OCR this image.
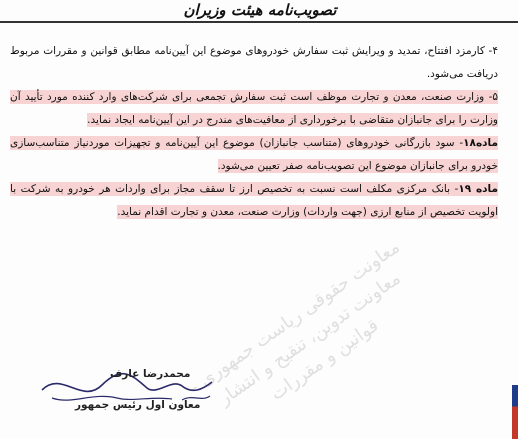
تصویب‌نامه هیئت وزیران

۴- کارمزد افتتاح، تمدید و ویرایش ثبت سفارش خودروهای موضوع این آیین‌نامه مطابق قوانین و مقررات مربوط دریافت می‌شود.

۵- وزارت صنعت، معدن و تجارت موظف است ثبت سفارش تجمعی برای شرکت‌های وارد کننده مورد تأیید آن وزارت را برای جانبازان متقاضی با برخورداری از معافیت‌های مندرج در این آیین‌نامه ایجاد نماید.

ماده۱۸- سود بازرگانی خودروهای (متناسب جانبازان) موضوع این آیین‌نامه و تجهیزات موردنیاز متناسب‌سازی خودرو برای جانبازان موضوع این تصویب‌نامه صفر تعیین می‌شود.

ماده ۱۹- بانک مرکزی مکلف است نسبت به تخصیص ارز تا سقف مجاز برای واردات هر خودرو به شرکت با اولویت تخصیص از منابع ارزی (جهت واردات) وزارت صنعت، معدن و تجارت اقدام نماید.

معاونت حقوقی ریاست جمهوری - معاونت تدوین، تنقیح و انتشار قوانین و مقررات
محمدرضا عارف
معاون اول رئیس جمهور
